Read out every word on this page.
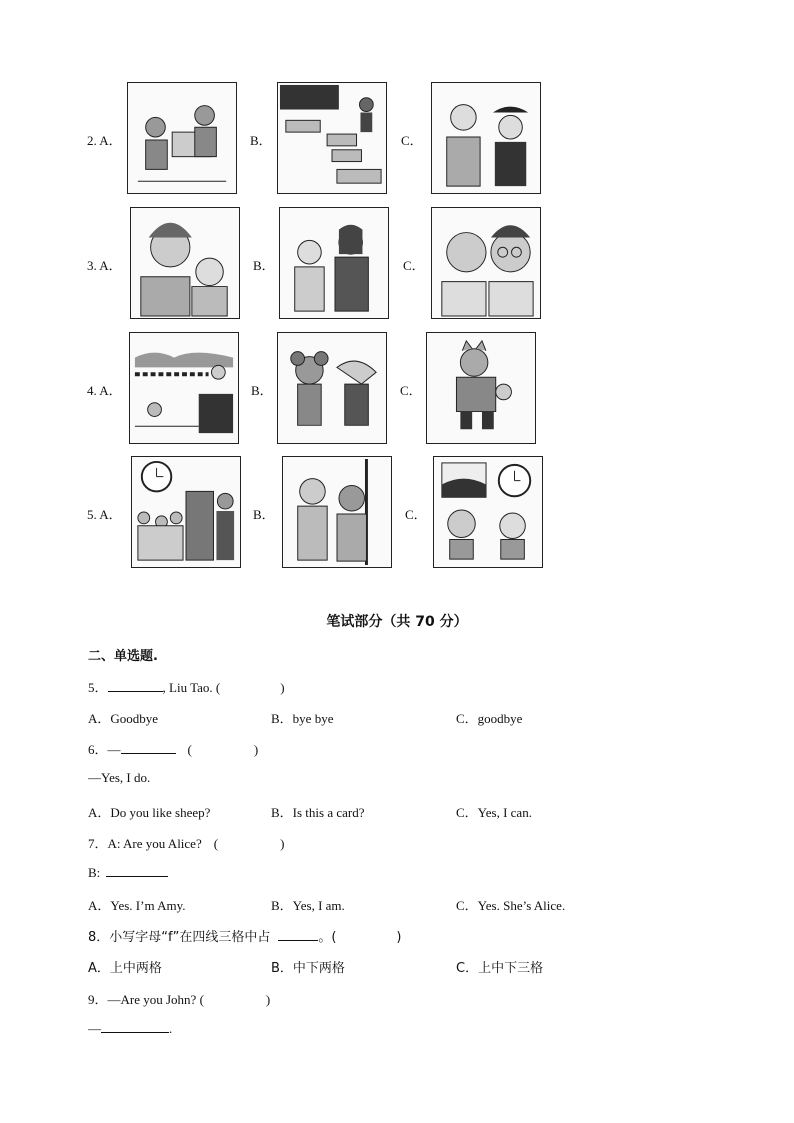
2. A．	B．	C．
3. A．	B．	C．
4. A．	B．	C．
5. A．	B．	C．
笔试部分（共 70 分）
二、单选题.
5．	, Liu Tao. (	)
A．Goodbye	B．bye bye	C．goodbye
6．—	(	)
—Yes, I do.
A．Do you like sheep?	B．Is this a card?	C．Yes, I can.
7．A: Are you Alice? (	)
B:
A．Yes. I’m Amy.	B．Yes, I am.	C．Yes. She’s Alice.
8．小写字母“f”在四线三格中占	。(	)
A．上中两格	B．中下两格	C．上中下三格
9．—Are you John? (	)
—	.
